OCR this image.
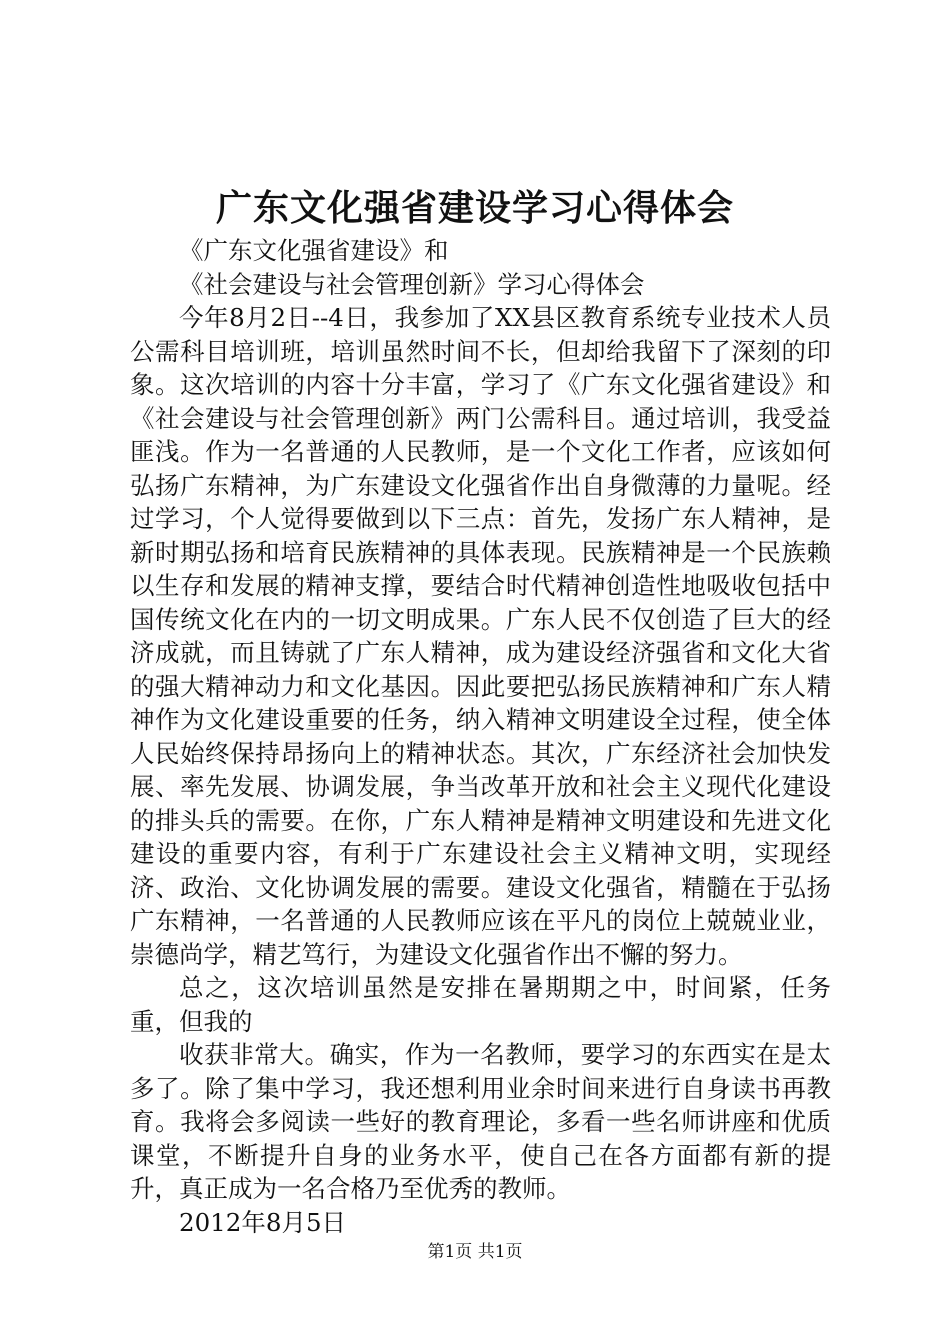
广东文化强省建设学习心得体会

《广东文化强省建设》和

《社会建设与社会管理创新》学习心得体会

今年8月2日--4日，我参加了XX县区教育系统专业技术人员公需科目培训班，培训虽然时间不长，但却给我留下了深刻的印象。这次培训的内容十分丰富，学习了《广东文化强省建设》和《社会建设与社会管理创新》两门公需科目。通过培训，我受益匪浅。作为一名普通的人民教师，是一个文化工作者，应该如何弘扬广东精神，为广东建设文化强省作出自身微薄的力量呢。经过学习，个人觉得要做到以下三点：首先，发扬广东人精神，是新时期弘扬和培育民族精神的具体表现。民族精神是一个民族赖以生存和发展的精神支撑，要结合时代精神创造性地吸收包括中国传统文化在内的一切文明成果。广东人民不仅创造了巨大的经济成就，而且铸就了广东人精神，成为建设经济强省和文化大省的强大精神动力和文化基因。因此要把弘扬民族精神和广东人精神作为文化建设重要的任务，纳入精神文明建设全过程，使全体人民始终保持昂扬向上的精神状态。其次，广东经济社会加快发展、率先发展、协调发展，争当改革开放和社会主义现代化建设的排头兵的需要。在你，广东人精神是精神文明建设和先进文化建设的重要内容，有利于广东建设社会主义精神文明，实现经济、政治、文化协调发展的需要。建设文化强省，精髓在于弘扬广东精神，一名普通的人民教师应该在平凡的岗位上兢兢业业，崇德尚学，精艺笃行，为建设文化强省作出不懈的努力。

总之，这次培训虽然是安排在暑期期之中，时间紧，任务重，但我的

收获非常大。确实，作为一名教师，要学习的东西实在是太多了。除了集中学习，我还想利用业余时间来进行自身读书再教育。我将会多阅读一些好的教育理论，多看一些名师讲座和优质课堂，不断提升自身的业务水平，使自己在各方面都有新的提升，真正成为一名合格乃至优秀的教师。

2012年8月5日

第1页 共1页
